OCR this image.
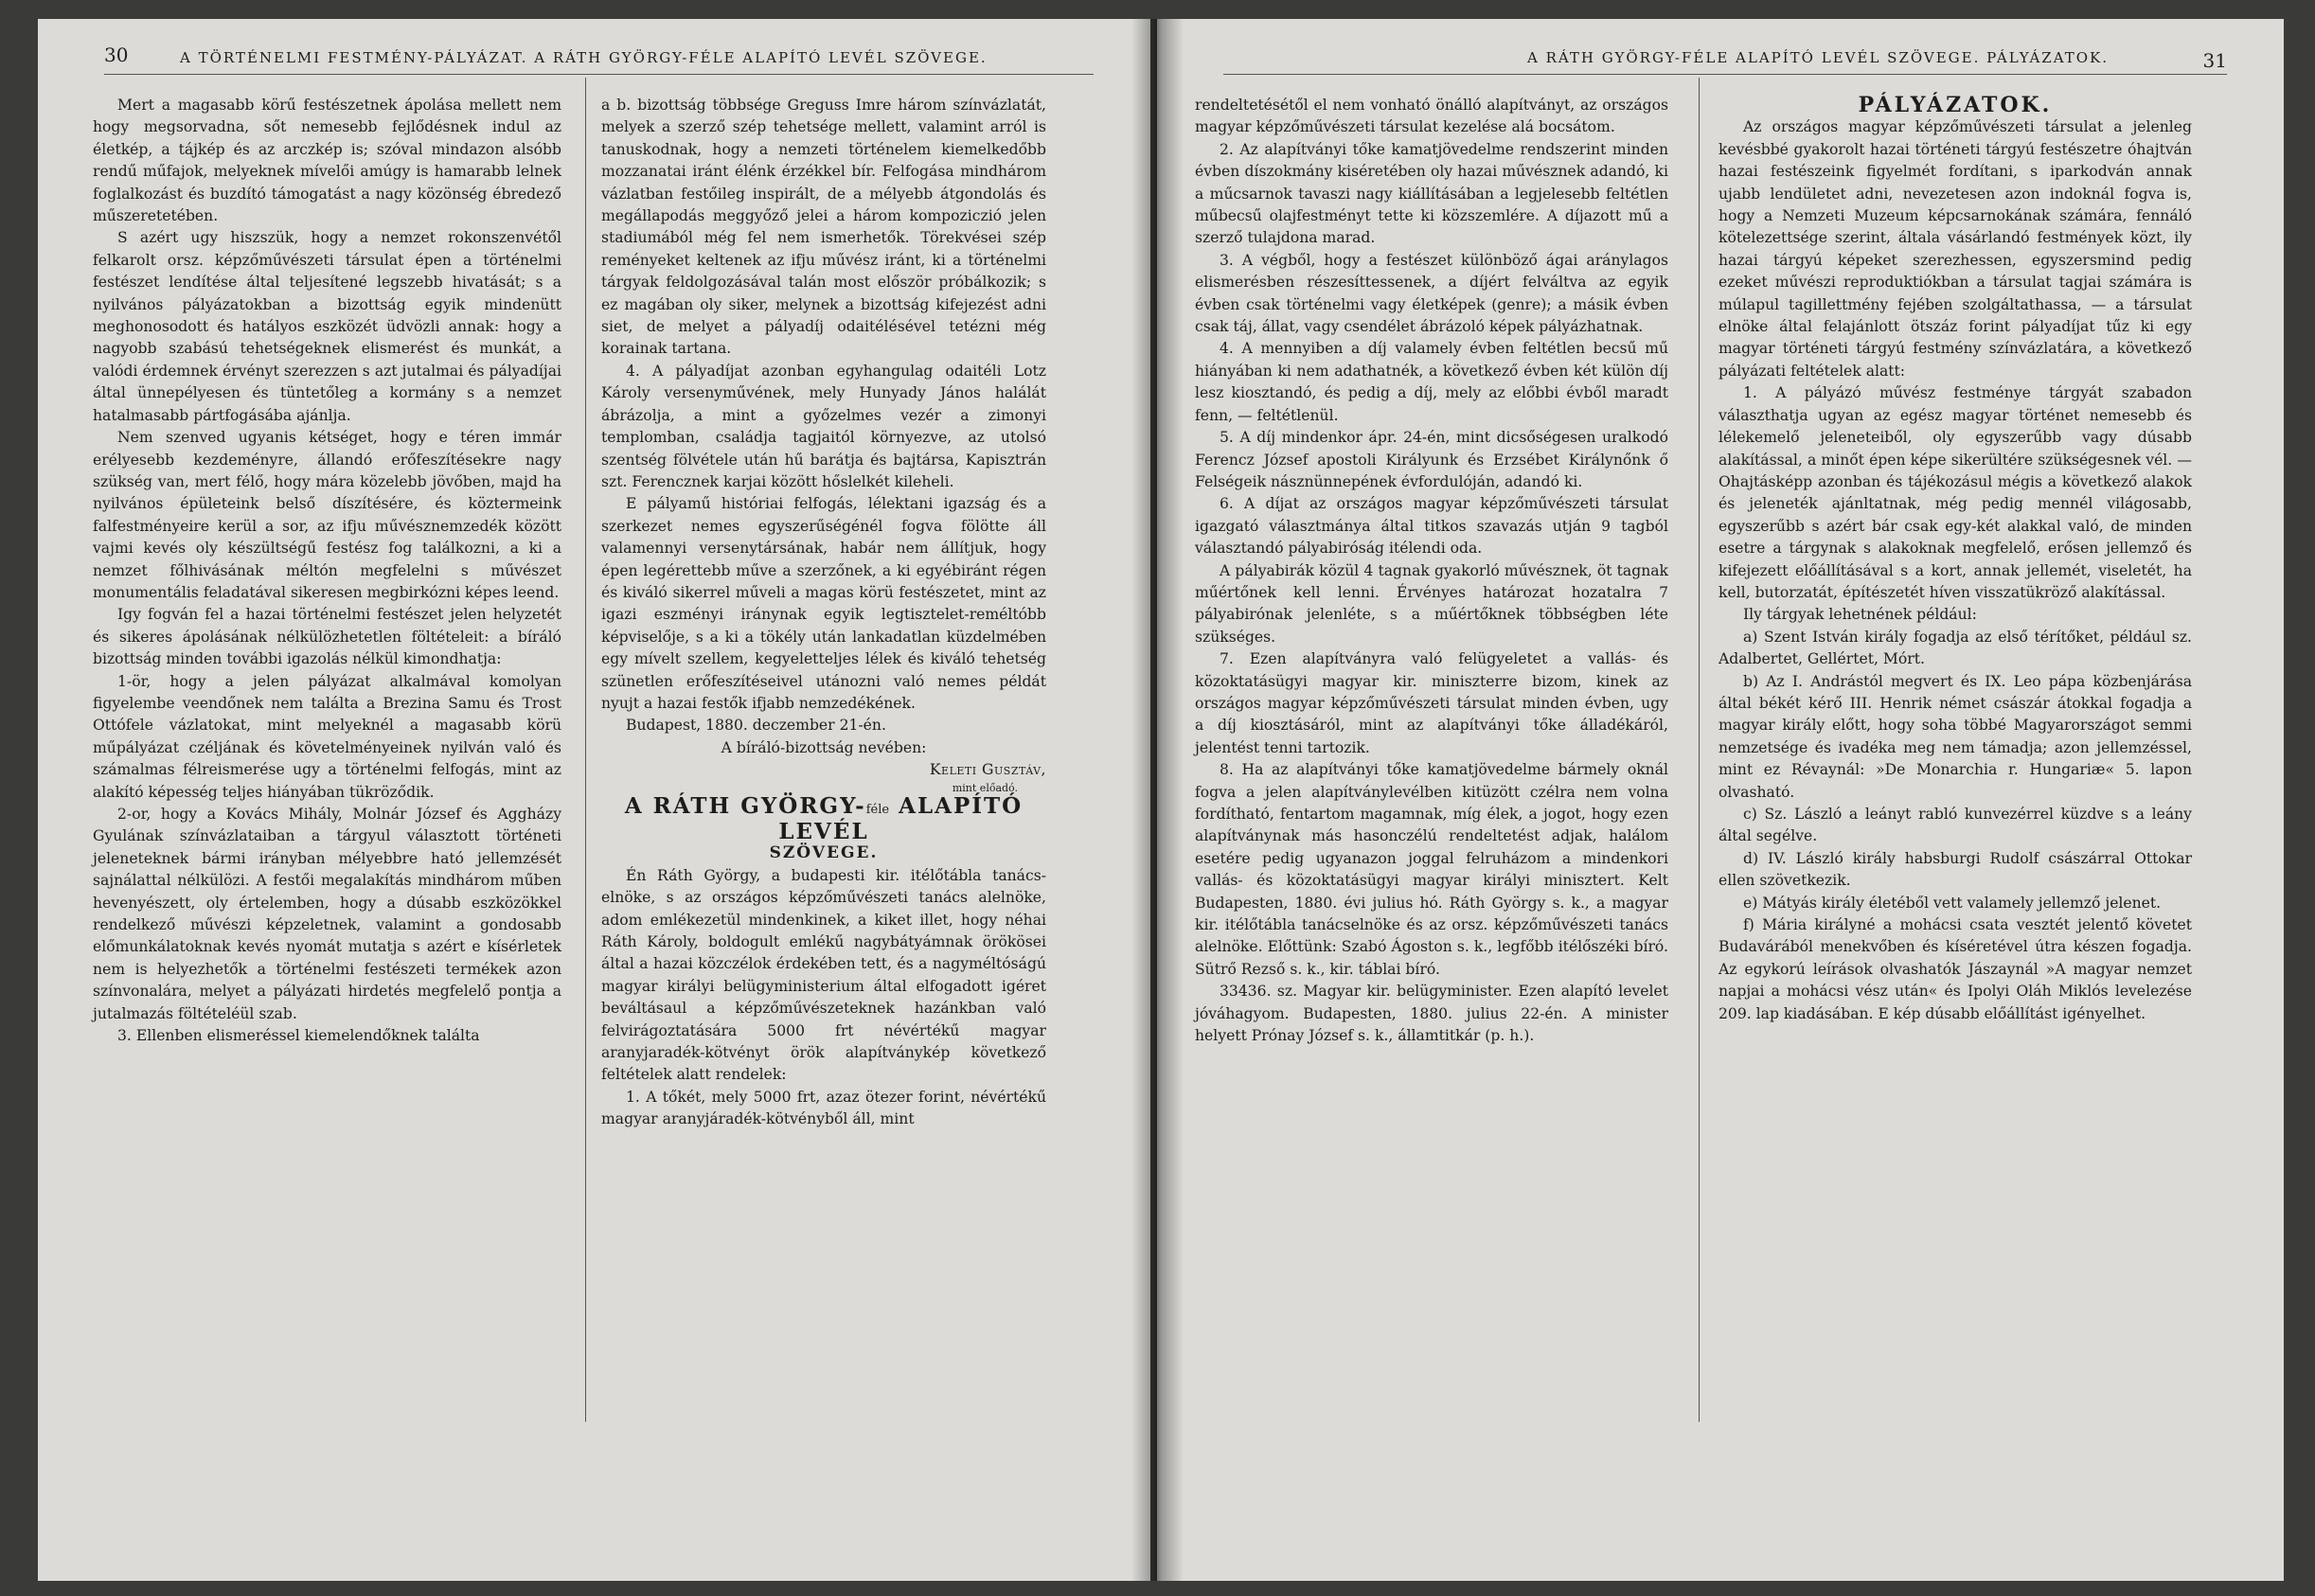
30	A TÖRTÉNELMI FESTMÉNY-PÁLYÁZAT. A RÁTH GYÖRGY-FÉLE ALAPÍTÓ LEVÉL SZÖVEGE.

Mert a magasabb körű festészetnek ápolása mellett nem hogy megsorvadna, sőt nemesebb fejlődésnek indul az életkép, a tájkép és az arczkép is; szóval mindazon alsóbb rendű műfajok, melyeknek mívelői amúgy is hamarabb lelnek foglalkozást és buzdító támogatást a nagy közönség ébredező műszeretetében.

S azért ugy hiszszük, hogy a nemzet rokonszenvétől felkarolt orsz. képzőművészeti társulat épen a történelmi festészet lendítése által teljesítené legszebb hivatását; s a nyilvános pályázatokban a bizottság egyik mindenütt meghonosodott és hatályos eszközét üdvözli annak: hogy a nagyobb szabású tehetségeknek elismerést és munkát, a valódi érdemnek érvényt szerezzen s azt jutalmai és pályadíjai által ünnepélyesen és tüntetőleg a kormány s a nemzet hatalmasabb pártfogásába ajánlja.

Nem szenved ugyanis kétséget, hogy e téren immár erélyesebb kezdeményre, állandó erőfeszítésekre nagy szükség van, mert félő, hogy mára közelebb jövőben, majd ha nyilvános épületeink belső díszítésére, és köztermeink falfestményeire kerül a sor, az ifju művésznemzedék között vajmi kevés oly készültségű festész fog találkozni, a ki a nemzet főlhivásának méltón megfelelni s művészet monumentális feladatával sikeresen megbirkózni képes leend.

Igy fogván fel a hazai történelmi festészet jelen helyzetét és sikeres ápolásának nélkülözhetetlen föltételeit: a bíráló bizottság minden további igazolás nélkül kimondhatja:

1-ör, hogy a jelen pályázat alkalmával komolyan figyelembe veendőnek nem találta a Brezina Samu és Trost Ottófele vázlatokat, mint melyeknél a magasabb körü műpályázat czéljának és követelményeinek nyilván való és számalmas félreismerése ugy a történelmi felfogás, mint az alakító képesség teljes hiányában tükröződik.

2-or, hogy a Kovács Mihály, Molnár József és Aggházy Gyulának színvázlataiban a tárgyul választott történeti jeleneteknek bármi irányban mélyebbre ható jellemzését sajnálattal nélkülözi. A festői megalakítás mindhárom műben hevenyészett, oly értelemben, hogy a dúsabb eszközökkel rendelkező művészi képzeletnek, valamint a gondosabb előmunkálatoknak kevés nyomát mutatja s azért e kísérletek nem is helyezhetők a történelmi festészeti termékek azon színvonalára, melyet a pályázati hirdetés megfelelő pontja a jutalmazás föltételéül szab.

3. Ellenben elismeréssel kiemelendőknek találta

a b. bizottság többsége Greguss Imre három színvázlatát, melyek a szerző szép tehetsége mellett, valamint arról is tanuskodnak, hogy a nemzeti történelem kiemelkedőbb mozzanatai iránt élénk érzékkel bír. Felfogása mindhárom vázlatban festőileg inspirált, de a mélyebb átgondolás és megállapodás meggyőző jelei a három kompoziczió jelen stadiumából még fel nem ismerhetők. Törekvései szép reményeket keltenek az ifju művész iránt, ki a történelmi tárgyak feldolgozásával talán most először próbálkozik; s ez magában oly siker, melynek a bizottság kifejezést adni siet, de melyet a pályadíj odaitélésével tetézni még korainak tartana.

4. A pályadíjat azonban egyhangulag odaitéli Lotz Károly versenyművének, mely Hunyady János halálát ábrázolja, a mint a győzelmes vezér a zimonyi templomban, családja tagjaitól környezve, az utolsó szentség fölvétele után hű barátja és bajtársa, Kapisztrán szt. Ferencznek karjai között hőslelkét kileheli.

E pályamű históriai felfogás, lélektani igazság és a szerkezet nemes egyszerűségénél fogva fölötte áll valamennyi versenytársának, habár nem állítjuk, hogy épen legérettebb műve a szerzőnek, a ki egyébiránt régen és kiváló sikerrel műveli a magas körü festészetet, mint az igazi eszményi iránynak egyik legtisztelet-reméltóbb képviselője, s a ki a tökély után lankadatlan küzdelmében egy mívelt szellem, kegyeletteljes lélek és kiváló tehetség szünetlen erőfeszítéseivel utánozni való nemes példát nyujt a hazai festők ifjabb nemzedékének.

Budapest, 1880. deczember 21-én.

A bíráló-bizottság nevében:

Keleti Gusztáv,

mint előadó.

A RÁTH GYÖRGY-féle ALAPÍTÓ LEVÉL

SZÖVEGE.

Én Ráth György, a budapesti kir. itélőtábla tanács-elnöke, s az országos képzőművészeti tanács alelnöke, adom emlékezetül mindenkinek, a kiket illet, hogy néhai Ráth Károly, boldogult emlékű nagybátyámnak örökösei által a hazai közczélok érdekében tett, és a nagyméltóságú magyar királyi belügyministerium által elfogadott igéret beváltásaul a képzőművészeteknek hazánkban való felvirágoztatására 5000 frt névértékű magyar aranyjaradék-kötvényt örök alapítványkép következő feltételek alatt rendelek:

1. A tőkét, mely 5000 frt, azaz ötezer forint, névértékű magyar aranyjáradék-kötvényből áll, mint

A RÁTH GYÖRGY-FÉLE ALAPÍTÓ LEVÉL SZÖVEGE. PÁLYÁZATOK.	31

rendeltetésétől el nem vonható önálló alapítványt, az országos magyar képzőművészeti társulat kezelése alá bocsátom.

2. Az alapítványi tőke kamatjövedelme rendszerint minden évben díszokmány kiséretében oly hazai művésznek adandó, ki a műcsarnok tavaszi nagy kiállításában a legjelesebb feltétlen műbecsű olajfestményt tette ki közszemlére. A díjazott mű a szerző tulajdona marad.

3. A végből, hogy a festészet különböző ágai aránylagos elismerésben részesíttessenek, a díjért felváltva az egyik évben csak történelmi vagy életképek (genre); a másik évben csak táj, állat, vagy csendélet ábrázoló képek pályázhatnak.

4. A mennyiben a díj valamely évben feltétlen becsű mű hiányában ki nem adathatnék, a következő évben két külön díj lesz kiosztandó, és pedig a díj, mely az előbbi évből maradt fenn, — feltétlenül.

5. A díj mindenkor ápr. 24-én, mint dicsőségesen uralkodó Ferencz József apostoli Királyunk és Erzsébet Királynőnk ő Felségeik násznünnepének évfordulóján, adandó ki.

6. A díjat az országos magyar képzőművészeti társulat igazgató választmánya által titkos szavazás utján 9 tagból választandó pályabiróság itélendi oda.

A pályabirák közül 4 tagnak gyakorló művésznek, öt tagnak műértőnek kell lenni. Érvényes határozat hozatalra 7 pályabirónak jelenléte, s a műértőknek többségben léte szükséges.

7. Ezen alapítványra való felügyeletet a vallás- és közoktatásügyi magyar kir. miniszterre bizom, kinek az országos magyar képzőművészeti társulat minden évben, ugy a díj kiosztásáról, mint az alapítványi tőke álladékáról, jelentést tenni tartozik.

8. Ha az alapítványi tőke kamatjövedelme bármely oknál fogva a jelen alapítványlevélben kitüzött czélra nem volna fordítható, fentartom magamnak, míg élek, a jogot, hogy ezen alapítványnak más hasonczélú rendeltetést adjak, halálom esetére pedig ugyanazon joggal felruházom a mindenkori vallás- és közoktatásügyi magyar királyi minisztert. Kelt Budapesten, 1880. évi julius hó. Ráth György s. k., a magyar kir. itélőtábla tanácselnöke és az orsz. képzőművészeti tanács alelnöke. Előttünk: Szabó Ágoston s. k., legfőbb itélőszéki bíró. Sütrő Rezső s. k., kir. táblai bíró.

33436. sz. Magyar kir. belügyminister. Ezen alapító levelet jóváhagyom. Budapesten, 1880. julius 22-én. A minister helyett Prónay József s. k., államtitkár (p. h.).

PÁLYÁZATOK.

Az országos magyar képzőművészeti társulat a jelenleg kevésbbé gyakorolt hazai történeti tárgyú festészetre óhajtván hazai festészeink figyelmét fordítani, s iparkodván annak ujabb lendületet adni, nevezetesen azon indoknál fogva is, hogy a Nemzeti Muzeum képcsarnokának számára, fennáló kötelezettsége szerint, általa vásárlandó festmények közt, ily hazai tárgyú képeket szerezhessen, egyszersmind pedig ezeket művészi reproduktiókban a társulat tagjai számára is múlapul tagillettmény fejében szolgáltathassa, — a társulat elnöke által felajánlott ötszáz forint pályadíjat tűz ki egy magyar történeti tárgyú festmény színvázlatára, a következő pályázati feltételek alatt:

1. A pályázó művész festménye tárgyát szabadon választhatja ugyan az egész magyar történet nemesebb és lélekemelő jeleneteiből, oly egyszerűbb vagy dúsabb alakítással, a minőt épen képe sikerültére szükségesnek vél. — Ohajtásképp azonban és tájékozásul mégis a következő alakok és jeleneték ajánltatnak, még pedig mennél világosabb, egyszerűbb s azért bár csak egy-két alakkal való, de minden esetre a tárgynak s alakoknak megfelelő, erősen jellemző és kifejezett előállításával s a kort, annak jellemét, viseletét, ha kell, butorzatát, építészetét híven visszatükröző alakítással.

Ily tárgyak lehetnének például:

a) Szent István király fogadja az első térítőket, például sz. Adalbertet, Gellértet, Mórt.

b) Az I. Andrástól megvert és IX. Leo pápa közbenjárása által békét kérő III. Henrik német császár átokkal fogadja a magyar király előtt, hogy soha többé Magyarországot semmi nemzetsége és ivadéka meg nem támadja; azon jellemzéssel, mint ez Révaynál: »De Monarchia r. Hungariæ« 5. lapon olvasható.

c) Sz. László a leányt rabló kunvezérrel küzdve s a leány által segélve.

d) IV. László király habsburgi Rudolf császárral Ottokar ellen szövetkezik.

e) Mátyás király életéből vett valamely jellemző jelenet.

f) Mária királyné a mohácsi csata vesztét jelentő követet Budavárából menekvőben és kíséretével útra készen fogadja. Az egykorú leírások olvashatók Jászaynál »A magyar nemzet napjai a mohácsi vész után« és Ipolyi Oláh Miklós levelezése 209. lap kiadásában. E kép dúsabb előállítást igényelhet.
